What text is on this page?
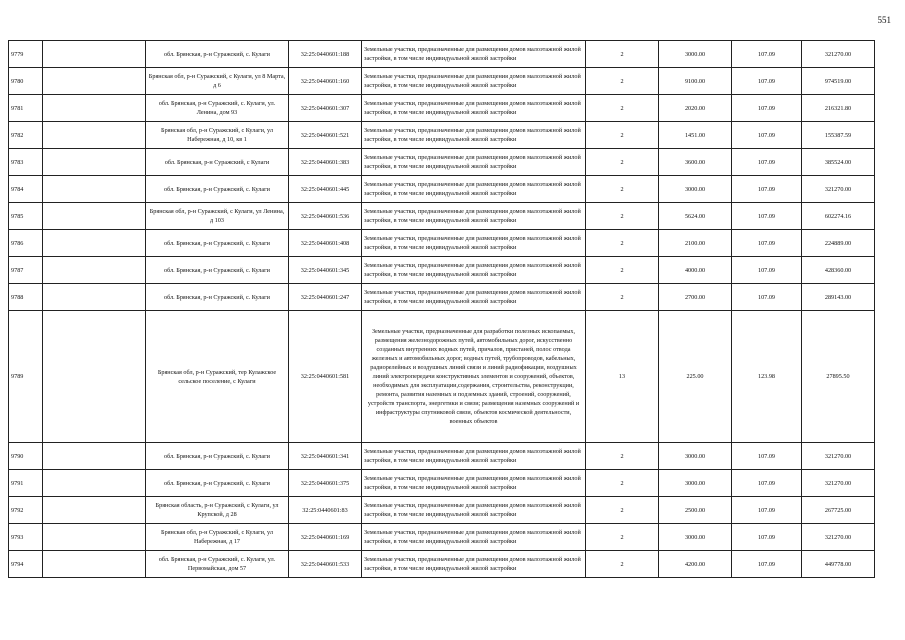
551
9779		обл. Брянская, р-н Суражский, с. Кулаги	32:25:0440601:188	Земельные участки, предназначенные для размещения домов малоэтажной жилой застройки, в том числе индивидуальной жилой застройки	2	3000.00	107.09	321270.00
9780		Брянская обл, р-н Суражский, с Кулаги, ул 8 Марта, д 6	32:25:0440601:160	Земельные участки, предназначенные для размещения домов малоэтажной жилой застройки, в том числе индивидуальной жилой застройки	2	9100.00	107.09	974519.00
9781		обл. Брянская, р-н Суражский, с. Кулаги, ул. Ленина, дом 93	32:25:0440601:307	Земельные участки, предназначенные для размещения домов малоэтажной жилой застройки, в том числе индивидуальной жилой застройки	2	2020.00	107.09	216321.80
9782		Брянская обл, р-н Суражский, с Кулаги, ул Набережная, д 10, кв 1	32:25:0440601:521	Земельные участки, предназначенные для размещения домов малоэтажной жилой застройки, в том числе индивидуальной жилой застройки	2	1451.00	107.09	155387.59
9783		обл. Брянская, р-н Суражский, с Кулаги	32:25:0440601:383	Земельные участки, предназначенные для размещения домов малоэтажной жилой застройки, в том числе индивидуальной жилой застройки	2	3600.00	107.09	385524.00
9784		обл. Брянская, р-н Суражский, с. Кулаги	32:25:0440601:445	Земельные участки, предназначенные для размещения домов малоэтажной жилой застройки, в том числе индивидуальной жилой застройки	2	3000.00	107.09	321270.00
9785		Брянская обл, р-н Суражский, с Кулаги, ул Ленина, д 103	32:25:0440601:536	Земельные участки, предназначенные для размещения домов малоэтажной жилой застройки, в том числе индивидуальной жилой застройки	2	5624.00	107.09	602274.16
9786		обл. Брянская, р-н Суражский, с. Кулаги	32:25:0440601:408	Земельные участки, предназначенные для размещения домов малоэтажной жилой застройки, в том числе индивидуальной жилой застройки	2	2100.00	107.09	224889.00
9787		обл. Брянская, р-н Суражский, с. Кулаги	32:25:0440601:345	Земельные участки, предназначенные для размещения домов малоэтажной жилой застройки, в том числе индивидуальной жилой застройки	2	4000.00	107.09	428360.00
9788		обл. Брянская, р-н Суражский, с. Кулаги	32:25:0440601:247	Земельные участки, предназначенные для размещения домов малоэтажной жилой застройки, в том числе индивидуальной жилой застройки	2	2700.00	107.09	289143.00
9789		Брянская обл, р-н Суражский, тер Кулажское сельское поселение, с Кулаги	32:25:0440601:581	Земельные участки, предназначенные для разработки полезных ископаемых, размещения железнодорожных путей, автомобильных дорог, искусственно созданных внутренних водных путей, причалов, пристаней, полос отвода железных и автомобильных дорог, водных путей, трубопроводов, кабельных, радиорелейных и воздушных линий связи и линий радиофикации, воздушных линий электропередачи конструктивных элементов и сооружений, объектов, необходимых для эксплуатации,содержания, строительства, реконструкции, ремонта, развития наземных и подземных зданий, строений, сооружений, устройств транспорта, энергетики и связи; размещения наземных сооружений и инфраструктуры спутниковой связи, объектов космической деятельности, военных объектов	13	225.00	123.98	27895.50
9790		обл. Брянская, р-н Суражский, с. Кулаги	32:25:0440601:341	Земельные участки, предназначенные для размещения домов малоэтажной жилой застройки, в том числе индивидуальной жилой застройки	2	3000.00	107.09	321270.00
9791		обл. Брянская, р-н Суражский, с. Кулаги	32:25:0440601:375	Земельные участки, предназначенные для размещения домов малоэтажной жилой застройки, в том числе индивидуальной жилой застройки	2	3000.00	107.09	321270.00
9792		Брянская область, р-н Суражский, с Кулаги, ул Крупской, д 28	32:25:0440601:83	Земельные участки, предназначенные для размещения домов малоэтажной жилой застройки, в том числе индивидуальной жилой застройки	2	2500.00	107.09	267725.00
9793		Брянская обл, р-н Суражский, с Кулаги, ул Набережная, д 17	32:25:0440601:169	Земельные участки, предназначенные для размещения домов малоэтажной жилой застройки, в том числе индивидуальной жилой застройки	2	3000.00	107.09	321270.00
9794		обл. Брянская, р-н Суражский, с. Кулаги, ул. Первомайская, дом 57	32:25:0440601:533	Земельные участки, предназначенные для размещения домов малоэтажной жилой застройки, в том числе индивидуальной жилой застройки	2	4200.00	107.09	449778.00
